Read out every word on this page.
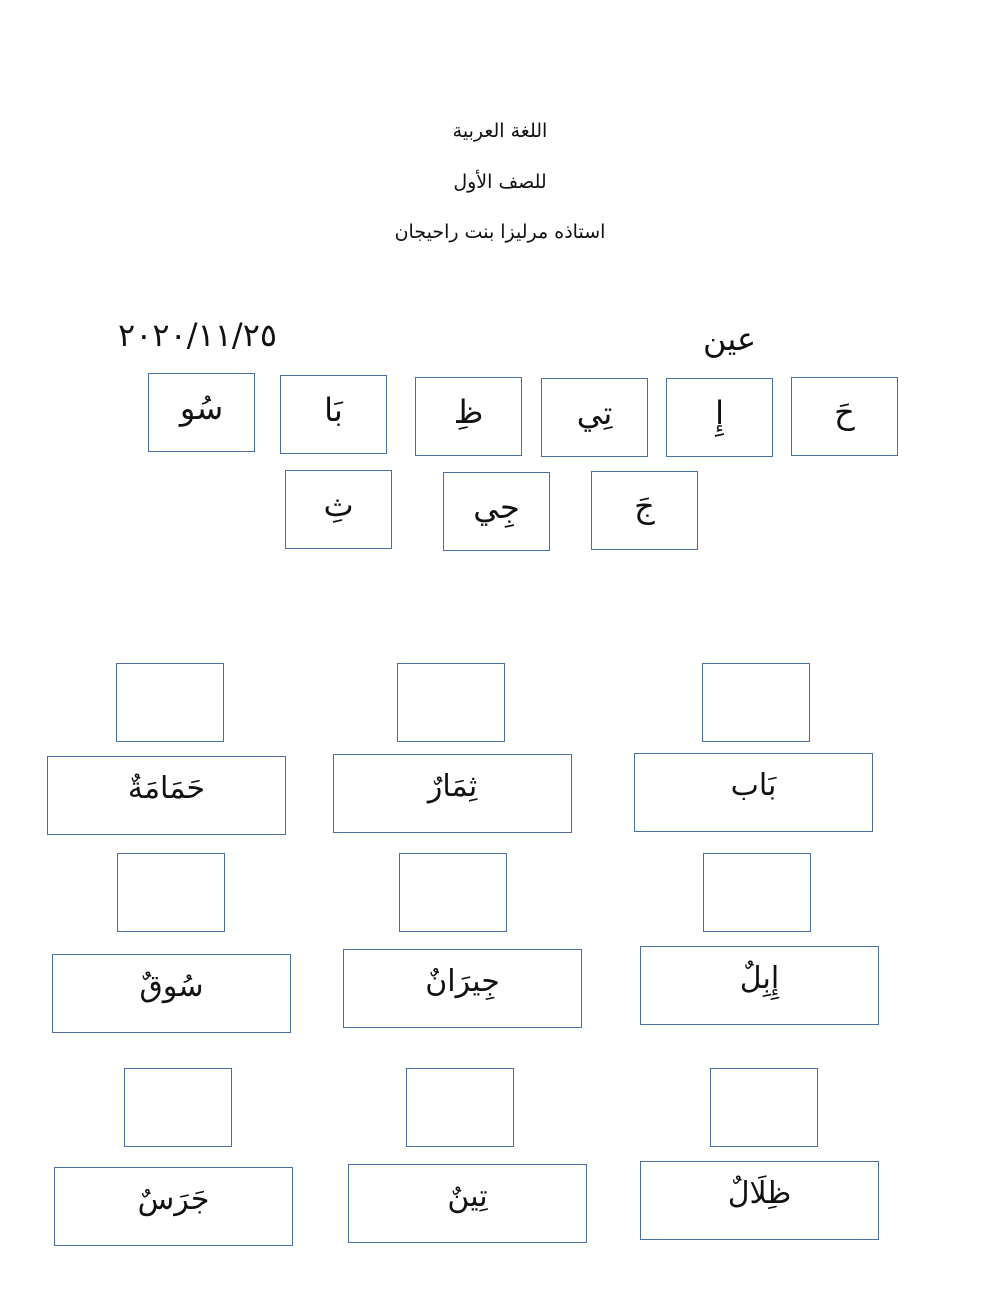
اللغة العربية
للصف الأول
استاذه مرليزا بنت راحيجان
٢٠٢٠/١١/٢٥	عين
حَ
إِ
تِي
ظِ
بَا
سُو
جَ
جِي
ثِ
بَاب
ثِمَارٌ
حَمَامَةٌ
إِبِلٌ
جِيرَانٌ
سُوقٌ
ظِلَالٌ
تِينٌ
جَرَسٌ
